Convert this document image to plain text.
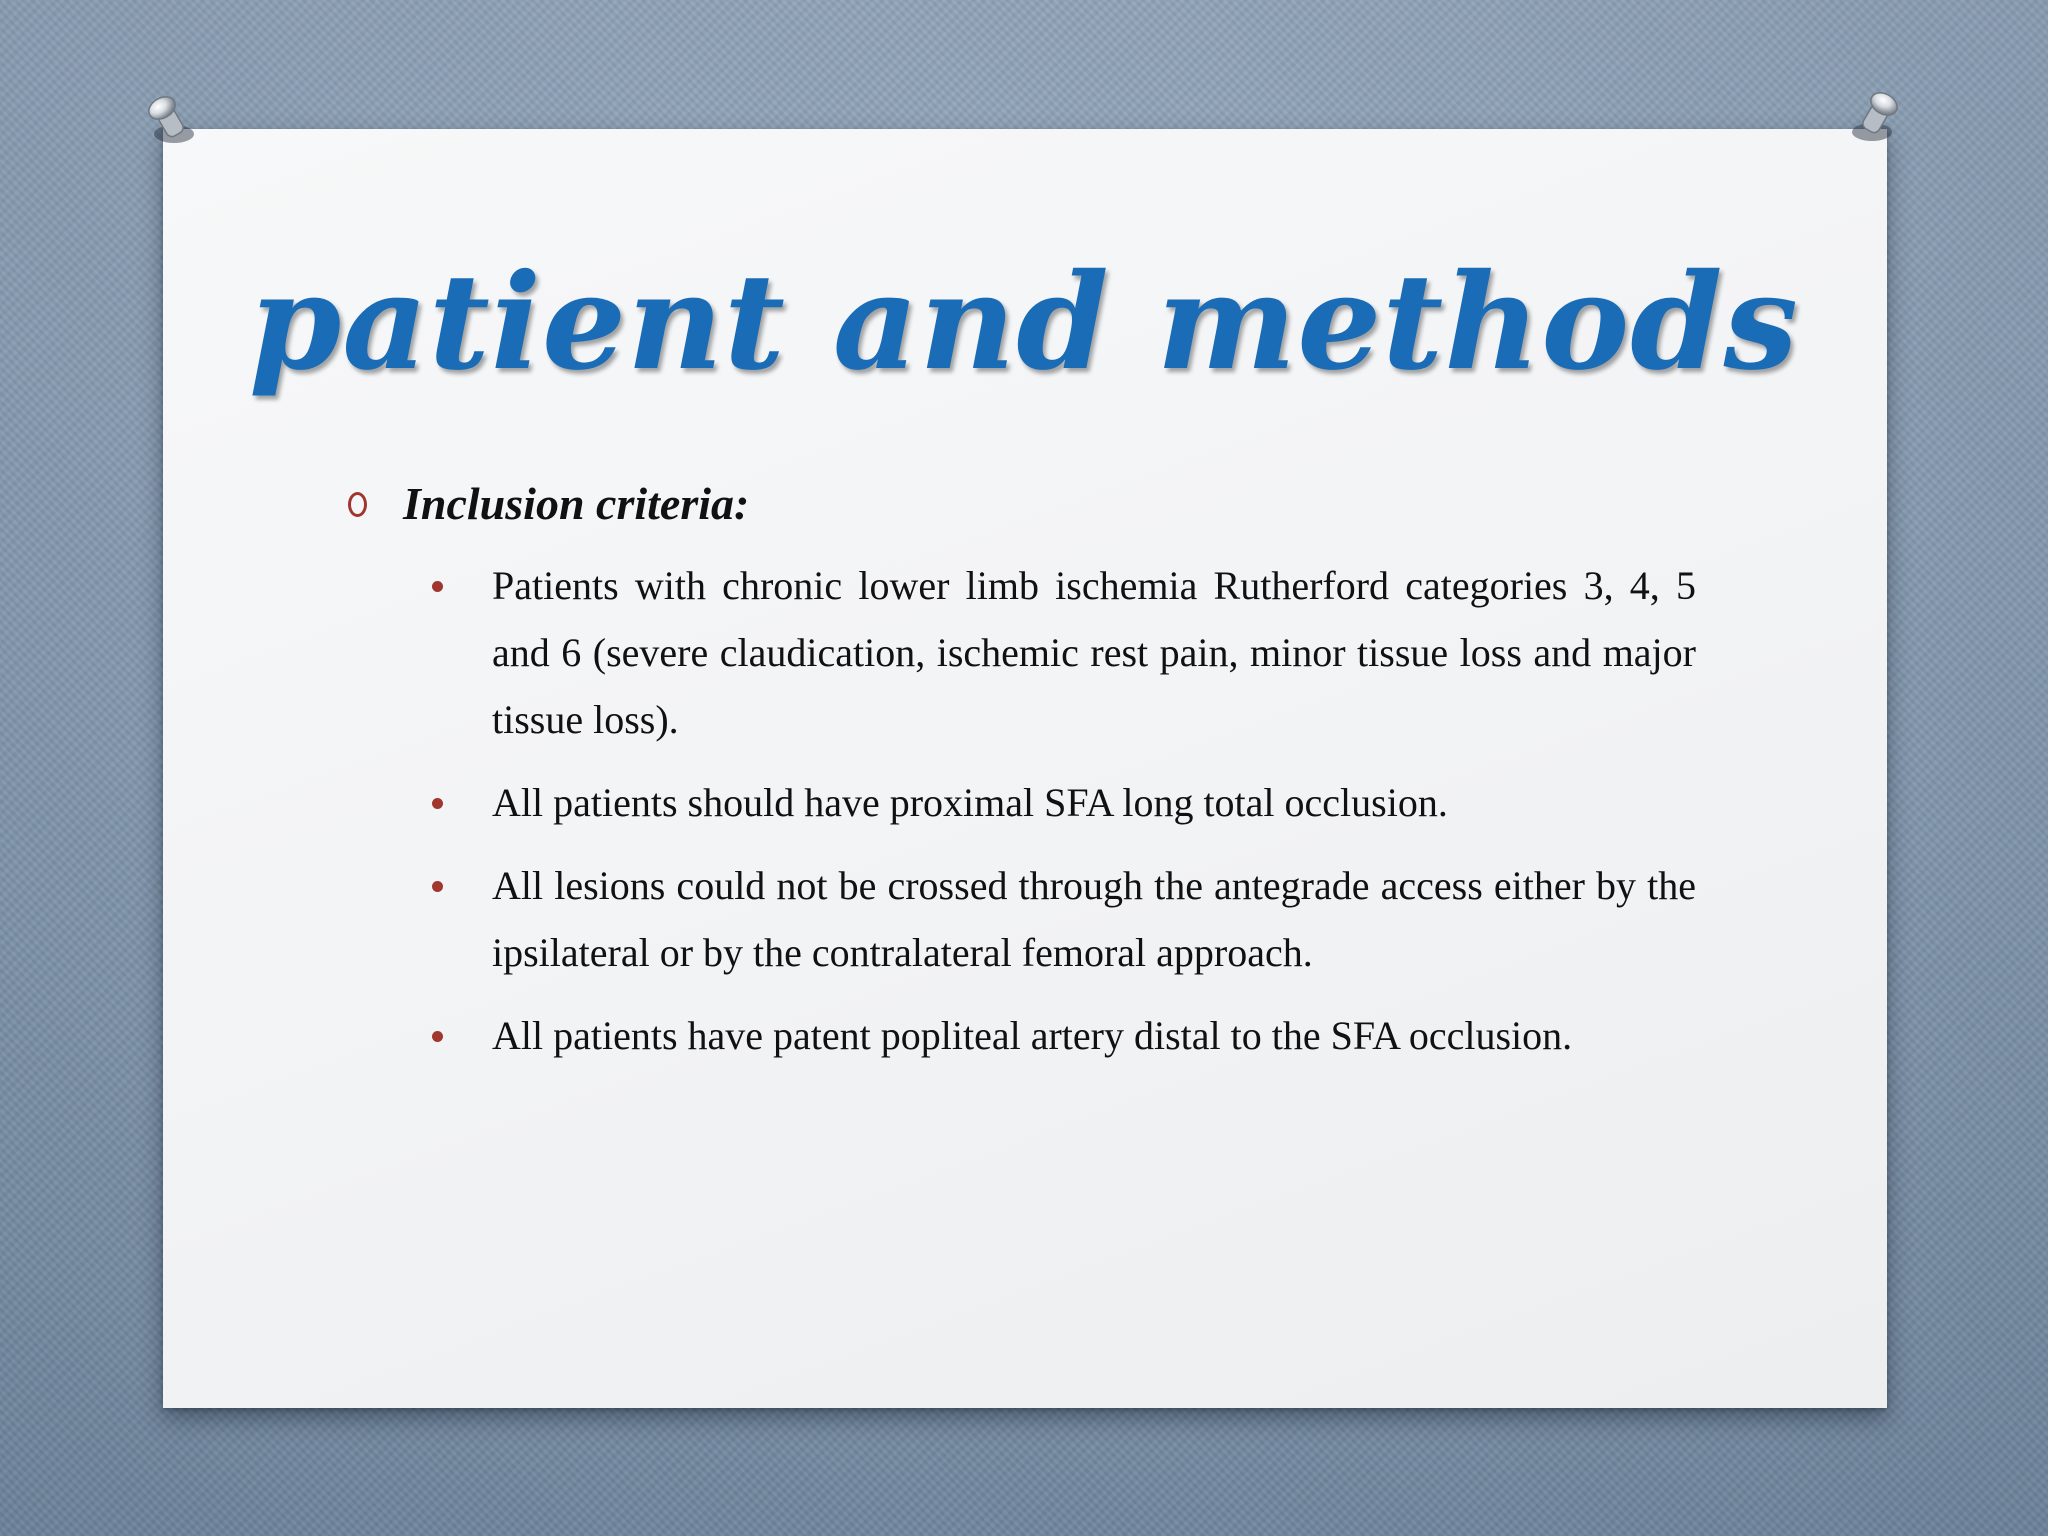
patient and methods
Inclusion criteria:
Patients with chronic lower limb ischemia Rutherford categories 3, 4, 5 and 6 (severe claudication, ischemic rest pain, minor tissue loss and major tissue loss).
All patients should have proximal SFA long total occlusion.
All lesions could not be crossed through the antegrade access either by the ipsilateral or by the contralateral femoral approach.
All patients have patent popliteal artery distal to the SFA occlusion.
